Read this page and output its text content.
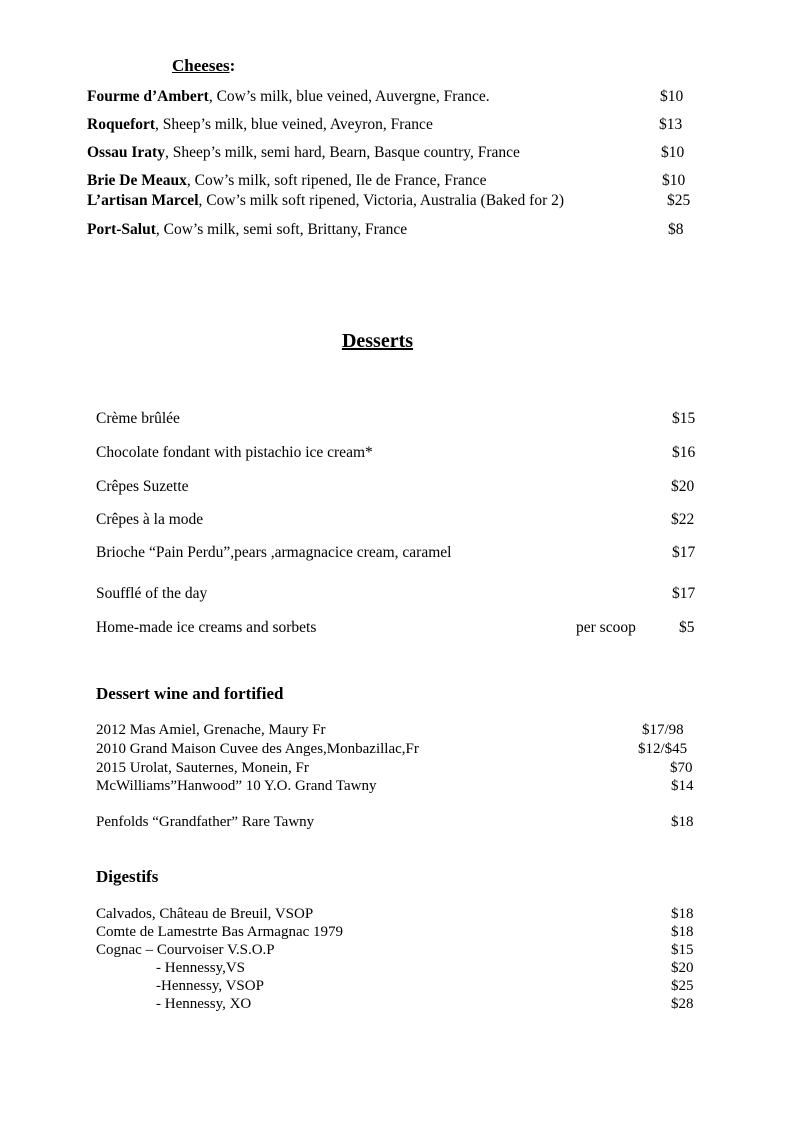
Cheeses:
Fourme d’Ambert, Cow’s milk, blue veined, Auvergne, France.	$10
Roquefort, Sheep’s milk, blue veined, Aveyron, France	$13
Ossau Iraty, Sheep’s milk, semi hard, Bearn, Basque country, France	$10
Brie De Meaux, Cow’s milk, soft ripened, Ile de France, France	$10
L’artisan Marcel, Cow’s milk soft ripened, Victoria, Australia (Baked for 2)	$25
Port-Salut, Cow’s milk, semi soft, Brittany, France	$8
Desserts
Crème brûlée	$15
Chocolate fondant with pistachio ice cream*	$16
Crêpes Suzette	$20
Crêpes à la mode	$22
Brioche “Pain Perdu”,pears ,armagnacice cream, caramel	$17
Soufflé of the day	$17
Home-made ice creams and sorbets	per scoop	$5
Dessert wine and fortified
2012 Mas Amiel, Grenache, Maury Fr	$17/98
2010 Grand Maison Cuvee des Anges,Monbazillac,Fr	$12/$45
2015 Urolat, Sauternes, Monein, Fr	$70
McWilliams”Hanwood” 10 Y.O. Grand Tawny	$14
Penfolds “Grandfather” Rare Tawny	$18
Digestifs
Calvados, Château de Breuil, VSOP	$18
Comte de Lamestrte Bas Armagnac 1979	$18
Cognac – Courvoiser V.S.O.P	$15
- Hennessy,VS	$20
-Hennessy, VSOP	$25
- Hennessy, XO	$28
